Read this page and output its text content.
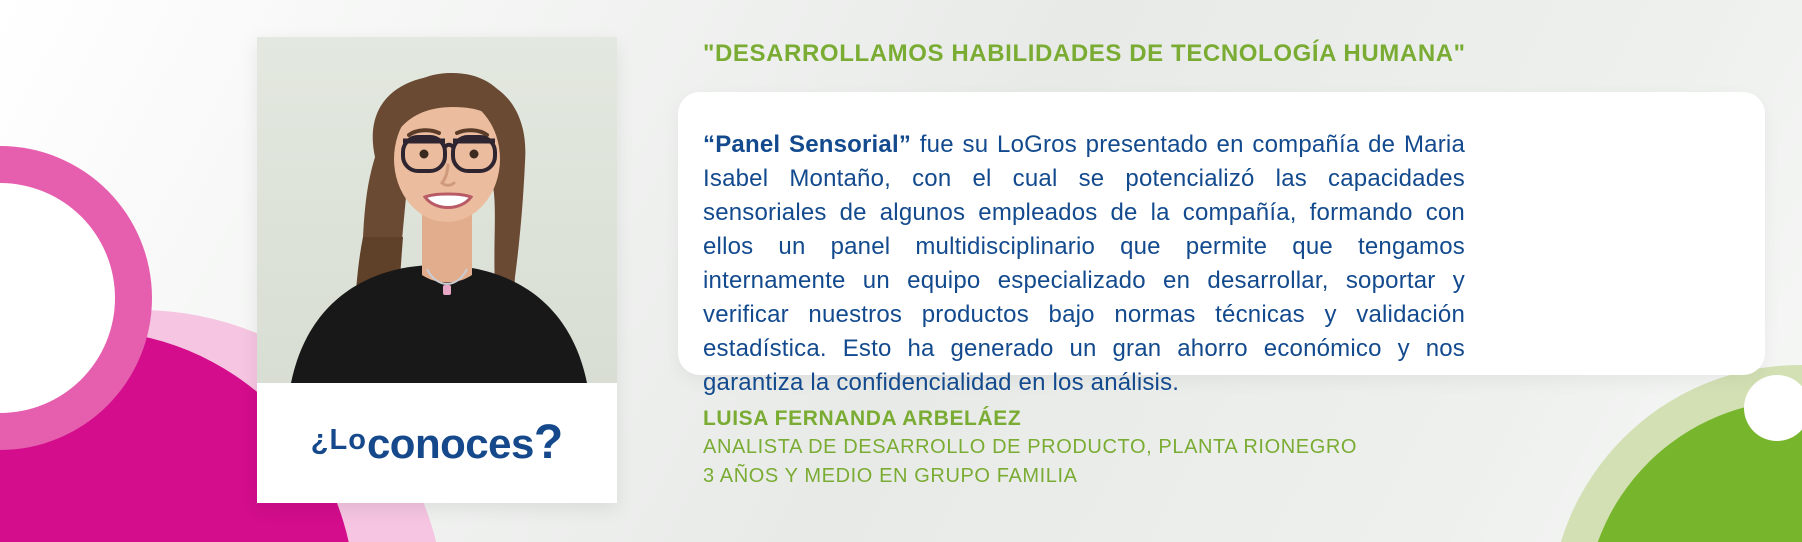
¿Lo conoces ?
"DESARROLLAMOS HABILIDADES DE TECNOLOGÍA HUMANA"

“Panel Sensorial” fue su LoGros presentado en compañía de Maria Isabel Montaño, con el cual se potencializó las capacidades sensoriales de algunos empleados de la compañía, formando con ellos un panel multidisciplinario que permite que tengamos internamente un equipo especializado en desarrollar, soportar y verificar nuestros productos bajo normas técnicas y validación estadística. Esto ha generado un gran ahorro económico y nos garantiza la confidencialidad en los análisis.

LUISA FERNANDA ARBELÁEZ
ANALISTA DE DESARROLLO DE PRODUCTO, PLANTA RIONEGRO
3 AÑOS Y MEDIO EN GRUPO FAMILIA
